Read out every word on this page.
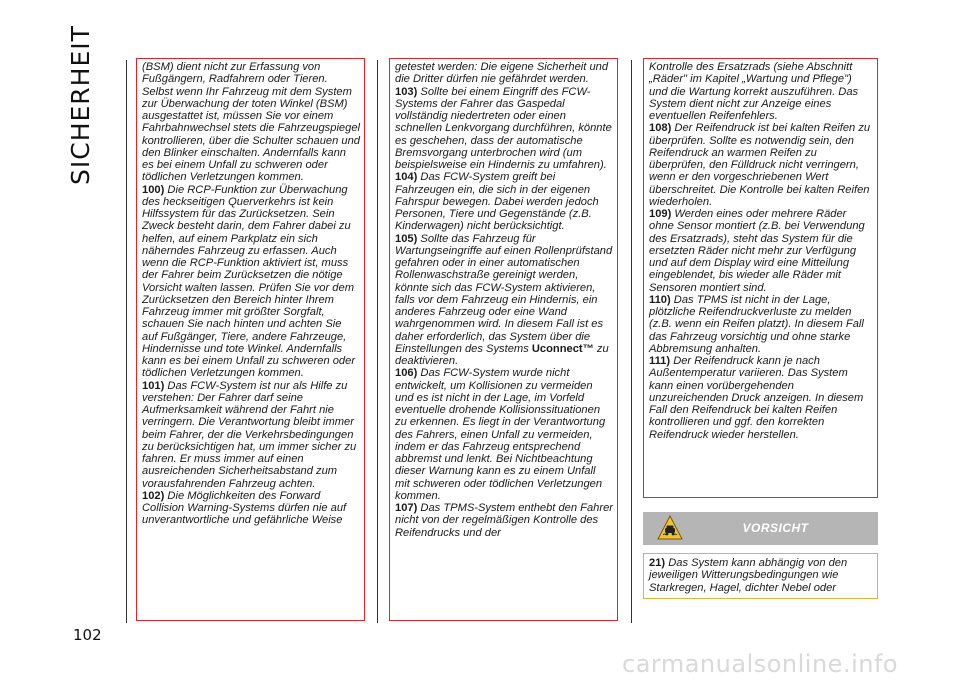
SICHERHEIT	(BSM) dient nicht zur Erfassung von Fußgängern, Radfahrern oder Tieren. Selbst wenn Ihr Fahrzeug mit dem System zur Überwachung der toten Winkel (BSM) ausgestattet ist, müssen Sie vor einem Fahrbahnwechsel stets die Fahrzeugspiegel kontrollieren, über die Schulter schauen und den Blinker einschalten. Andernfalls kann es bei einem Unfall zu schweren oder tödlichen Verletzungen kommen.

100) Die RCP-Funktion zur Überwachung des heckseitigen Querverkehrs ist kein Hilfssystem für das Zurücksetzen. Sein Zweck besteht darin, dem Fahrer dabei zu helfen, auf einem Parkplatz ein sich näherndes Fahrzeug zu erfassen. Auch wenn die RCP-Funktion aktiviert ist, muss der Fahrer beim Zurücksetzen die nötige Vorsicht walten lassen. Prüfen Sie vor dem Zurücksetzen den Bereich hinter Ihrem Fahrzeug immer mit größter Sorgfalt, schauen Sie nach hinten und achten Sie auf Fußgänger, Tiere, andere Fahrzeuge, Hindernisse und tote Winkel. Andernfalls kann es bei einem Unfall zu schweren oder tödlichen Verletzungen kommen.

101) Das FCW-System ist nur als Hilfe zu verstehen: Der Fahrer darf seine Aufmerksamkeit während der Fahrt nie verringern. Die Verantwortung bleibt immer beim Fahrer, der die Verkehrsbedingungen zu berücksichtigen hat, um immer sicher zu fahren. Er muss immer auf einen ausreichenden Sicherheitsabstand zum vorausfahrenden Fahrzeug achten.

102) Die Möglichkeiten des Forward Collision Warning-Systems dürfen nie auf unverantwortliche und gefährliche Weise

getestet werden: Die eigene Sicherheit und die Dritter dürfen nie gefährdet werden.

103) Sollte bei einem Eingriff des FCW-Systems der Fahrer das Gaspedal vollständig niedertreten oder einen schnellen Lenkvorgang durchführen, könnte es geschehen, dass der automatische Bremsvorgang unterbrochen wird (um beispielsweise ein Hindernis zu umfahren).

104) Das FCW-System greift bei Fahrzeugen ein, die sich in der eigenen Fahrspur bewegen. Dabei werden jedoch Personen, Tiere und Gegenstände (z.B. Kinderwagen) nicht berücksichtigt.

105) Sollte das Fahrzeug für Wartungseingriffe auf einen Rollenprüfstand gefahren oder in einer automatischen Rollenwaschstraße gereinigt werden, könnte sich das FCW-System aktivieren, falls vor dem Fahrzeug ein Hindernis, ein anderes Fahrzeug oder eine Wand wahrgenommen wird. In diesem Fall ist es daher erforderlich, das System über die Einstellungen des Systems Uconnect™ zu deaktivieren.

106) Das FCW-System wurde nicht entwickelt, um Kollisionen zu vermeiden und es ist nicht in der Lage, im Vorfeld eventuelle drohende Kollisionssituationen zu erkennen. Es liegt in der Verantwortung des Fahrers, einen Unfall zu vermeiden, indem er das Fahrzeug entsprechend abbremst und lenkt. Bei Nichtbeachtung dieser Warnung kann es zu einem Unfall mit schweren oder tödlichen Verletzungen kommen.

107) Das TPMS-System enthebt den Fahrer nicht von der regelmäßigen Kontrolle des Reifendrucks und der

Kontrolle des Ersatzrads (siehe Abschnitt „Räder" im Kapitel „Wartung und Pflege") und die Wartung korrekt auszuführen. Das System dient nicht zur Anzeige eines eventuellen Reifenfehlers.

108) Der Reifendruck ist bei kalten Reifen zu überprüfen. Sollte es notwendig sein, den Reifendruck an warmen Reifen zu überprüfen, den Fülldruck nicht verringern, wenn er den vorgeschriebenen Wert überschreitet. Die Kontrolle bei kalten Reifen wiederholen.

109) Werden eines oder mehrere Räder ohne Sensor montiert (z.B. bei Verwendung des Ersatzrads), steht das System für die ersetzten Räder nicht mehr zur Verfügung und auf dem Display wird eine Mitteilung eingeblendet, bis wieder alle Räder mit Sensoren montiert sind.

110) Das TPMS ist nicht in der Lage, plötzliche Reifendruckverluste zu melden (z.B. wenn ein Reifen platzt). In diesem Fall das Fahrzeug vorsichtig und ohne starke Abbremsung anhalten.

111) Der Reifendruck kann je nach Außentemperatur variieren. Das System kann einen vorübergehenden unzureichenden Druck anzeigen. In diesem Fall den Reifendruck bei kalten Reifen kontrollieren und ggf. den korrekten Reifendruck wieder herstellen.

VORSICHT

21) Das System kann abhängig von den jeweiligen Witterungsbedingungen wie Starkregen, Hagel, dichter Nebel oder

102
carmanualsonline.info
